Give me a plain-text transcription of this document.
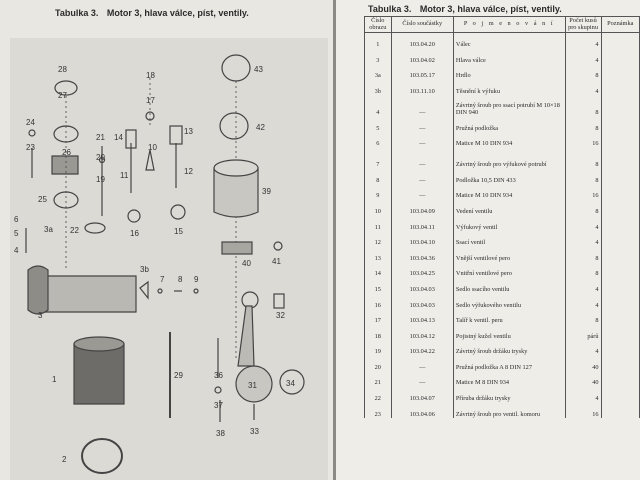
Tabulka 3. Motor 3, hlava válce, píst, ventily.
28
27
24
23
26
25
6
5
4
22
21
20
19
14
11
16
18
17
10
13
12
15
3a
3b
3
7 8 9
43
42
39
40	41
32
29	36
37
38
31	34
33
1
2
Tabulka 3. Motor 3, hlava válce, píst, ventily.
Číslo obrazu	Číslo součástky	P o j m e n o v á n í	Počet kusů pro skupinu	Poznámka
1	103.04.20	Válec	4	
3	103.04.02	Hlava válce	4	
3a	103.05.17	Hrdlo	8	
3b	103.11.10	Těsnění k výfuku	4	
4	—	Závrtný šroub pro ssací potrubí M 10×18 DIN 940	8	
5	—	Pružná podložka	8	
6	—	Matice M 10 DIN 934	16	
7	—	Závrtný šroub pro výfukové potrubí	8	
8	—	Podložka 10,5 DIN 433	8	
9	—	Matice M 10 DIN 934	16	
10	103.04.09	Vedení ventilu	8	
11	103.04.11	Výfukový ventil	4	
12	103.04.10	Ssací ventil	4	
13	103.04.36	Vnější ventilové pero	8	
14	103.04.25	Vnitřní ventilové pero	8	
15	103.04.03	Sedlo ssacího ventilu	4	
16	103.04.03	Sedlo výfukového ventilu	4	
17	103.04.13	Talíř k ventil. peru	8	
18	103.04.12	Pojistný kužel ventilu	párů	
19	103.04.22	Závrtný šroub držáku trysky	4	
20	—	Pružná podložka A 8 DIN 127	40	
21	—	Matice M 8 DIN 934	40	
22	103.04.07	Příruba držáku trysky	4	
23	103.04.06	Závrtný šroub pro ventil. komoru	16	
